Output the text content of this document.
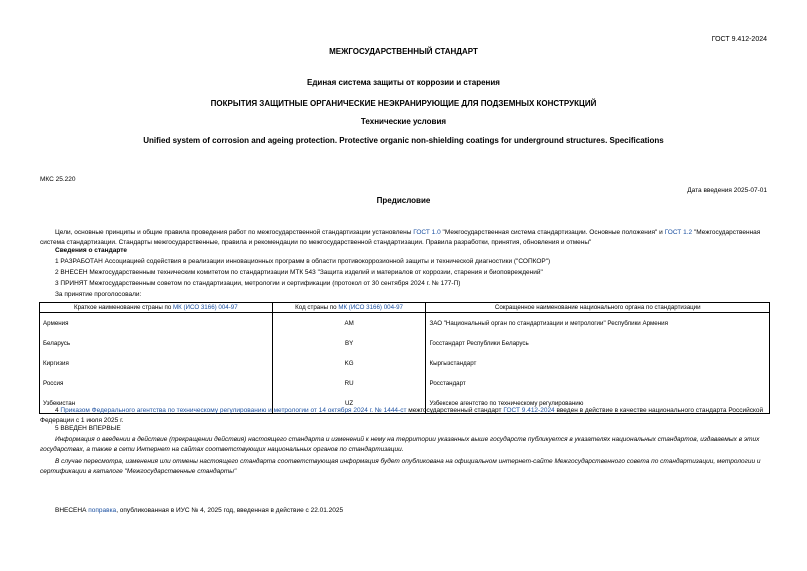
ГОСТ 9.412-2024
МЕЖГОСУДАРСТВЕННЫЙ СТАНДАРТ
Единая система защиты от коррозии и старения
ПОКРЫТИЯ ЗАЩИТНЫЕ ОРГАНИЧЕСКИЕ НЕЭКРАНИРУЮЩИЕ ДЛЯ ПОДЗЕМНЫХ КОНСТРУКЦИЙ
Технические условия
Unified system of corrosion and ageing protection. Protective organic non-shielding coatings for underground structures. Specifications
МКС 25.220
Дата введения 2025-07-01
Предисловие
Цели, основные принципы и общие правила проведения работ по межгосударственной стандартизации установлены ГОСТ 1.0 "Межгосударственная система стандартизации. Основные положения" и ГОСТ 1.2 "Межгосударственная система стандартизации. Стандарты межгосударственные, правила и рекомендации по межгосударственной стандартизации. Правила разработки, принятия, обновления и отмены"
Сведения о стандарте
1 РАЗРАБОТАН Ассоциацией содействия в реализации инновационных программ в области противокоррозионной защиты и технической диагностики ("СОПКОР")
2 ВНЕСЕН Межгосударственным техническим комитетом по стандартизации МТК 543 "Защита изделий и материалов от коррозии, старения и биоповреждений"
3 ПРИНЯТ Межгосударственным советом по стандартизации, метрологии и сертификации (протокол от 30 сентября 2024 г. № 177-П)
За принятие проголосовали:
Краткое наименование страны по МК (ИСО 3166) 004-97	Код страны по МК (ИСО 3166) 004-97	Сокращенное наименование национального органа по стандартизации
Армения	AM	ЗАО "Национальный орган по стандартизации и метрологии" Республики Армения
Беларусь	BY	Госстандарт Республики Беларусь
Киргизия	KG	Кыргызстандарт
Россия	RU	Росстандарт
Узбекистан	UZ	Узбекское агентство по техническому регулированию
4 Приказом Федерального агентства по техническому регулированию и метрологии от 14 октября 2024 г. № 1444-ст межгосударственный стандарт ГОСТ 9.412-2024 введен в действие в качестве национального стандарта Российской Федерации с 1 июля 2025 г.
5 ВВЕДЕН ВПЕРВЫЕ
Информация о введении в действие (прекращении действия) настоящего стандарта и изменений к нему на территории указанных выше государств публикуется в указателях национальных стандартов, издаваемых в этих государствах, а также в сети Интернет на сайтах соответствующих национальных органов по стандартизации.
В случае пересмотра, изменения или отмены настоящего стандарта соответствующая информация будет опубликована на официальном интернет-сайте Межгосударственного совета по стандартизации, метрологии и сертификации в каталоге "Межгосударственные стандарты"
ВНЕСЕНА поправка, опубликованная в ИУС № 4, 2025 год, введенная в действие с 22.01.2025
